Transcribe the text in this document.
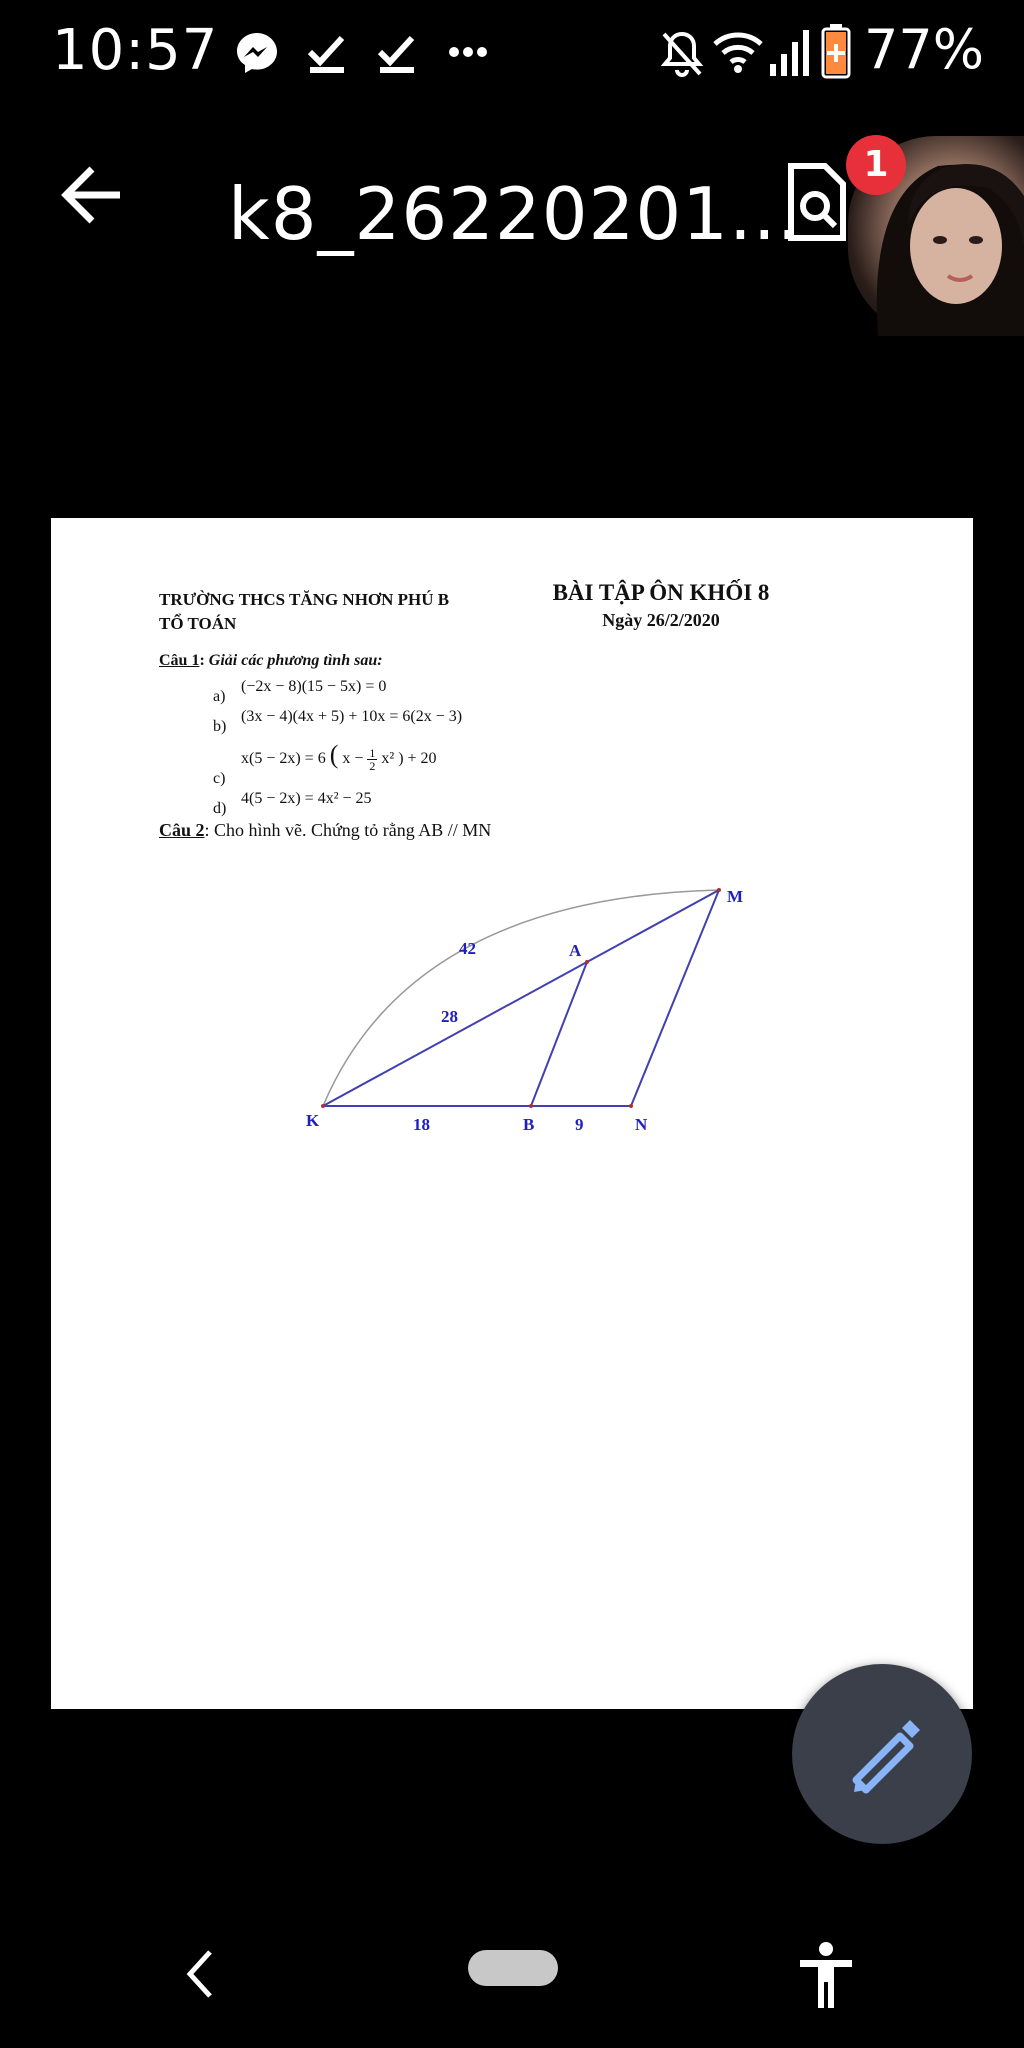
10:57	77%
k8_26220201...
1
TRƯỜNG THCS TĂNG NHƠN PHÚ B
TỔ TOÁN
BÀI TẬP ÔN KHỐI 8
Ngày 26/2/2020
Câu 1: Giải các phương tình sau:
a)
(−2x − 8)(15 − 5x) = 0
b)
(3x − 4)(4x + 5) + 10x = 6(2x − 3)
c)
x(5 − 2x) = 6 ( $x - \frac{1}{2} x^2$ ) + 20
d)
4(5 − 2x) = 4x² − 25
Câu 2: Cho hình vẽ. Chứng tỏ rằng AB // MN
K	B	N
A
M
42
28
18	9
